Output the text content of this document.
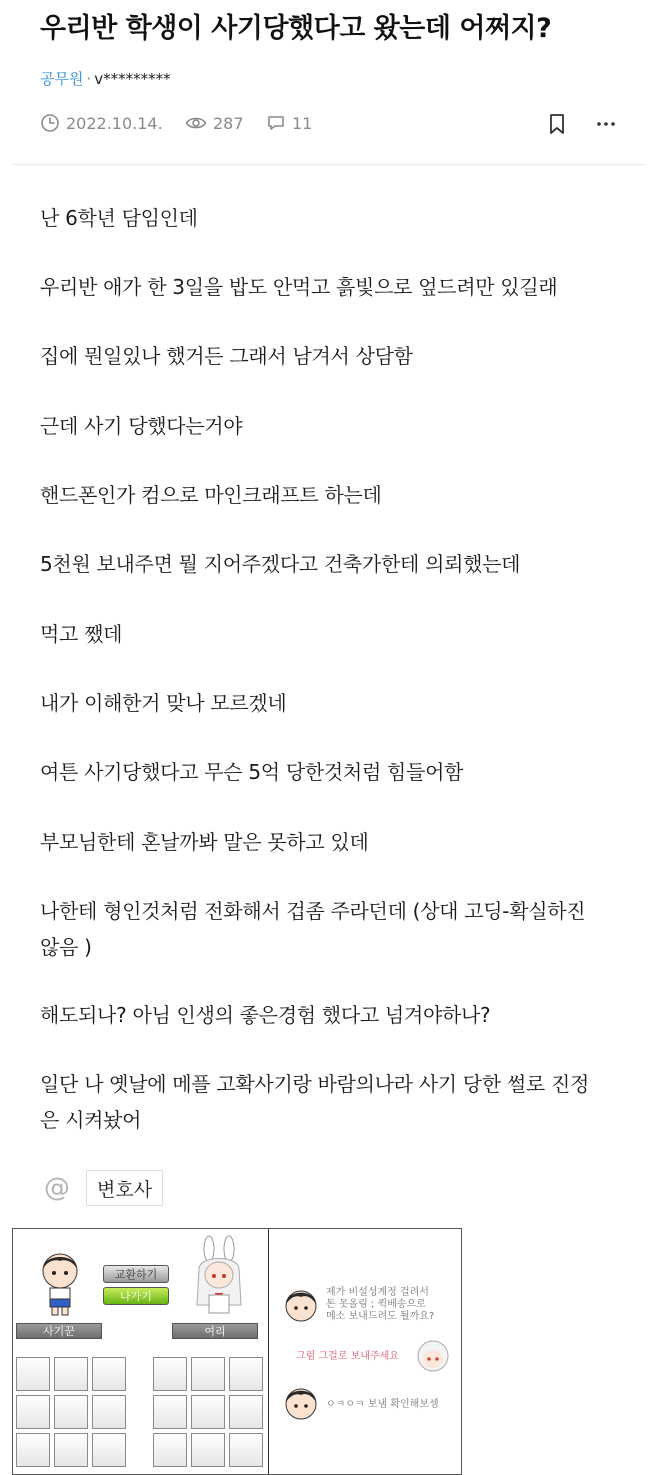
우리반 학생이 사기당했다고 왔는데 어쩌지?
공무원 · v*********
2022.10.14.	287	11
난 6학년 담임인데
우리반 애가 한 3일을 밥도 안먹고 흙빛으로 엎드려만 있길래
집에 뭔일있나 했거든 그래서 남겨서 상담함
근데 사기 당했다는거야
핸드폰인가 컴으로 마인크래프트 하는데
5천원 보내주면 뭘 지어주겠다고 건축가한테 의뢰했는데
먹고 쨌데
내가 이해한거 맞나 모르겠네
여튼 사기당했다고 무슨 5억 당한것처럼 힘들어함
부모님한테 혼날까봐 말은 못하고 있데
나한테 형인것처럼 전화해서 겁좀 주라던데 (상대 고딩-확실하진
않음 )
해도되나? 아님 인생의 좋은경험 했다고 넘겨야하나?
일단 나 옛날에 메플 고확사기랑 바람의나라 사기 당한 썰로 진정
은 시켜놨어
@	변호사
교환하기
나가기
사기꾼	여리
제가 비설성계정 걸려서
돈 못올림 ; 퀵배송으로
메소 보내드려도 될까요?
그럼 그걸로 보내주세요
ㅇㅋㅇㅋ 보냄 확인해보셈
